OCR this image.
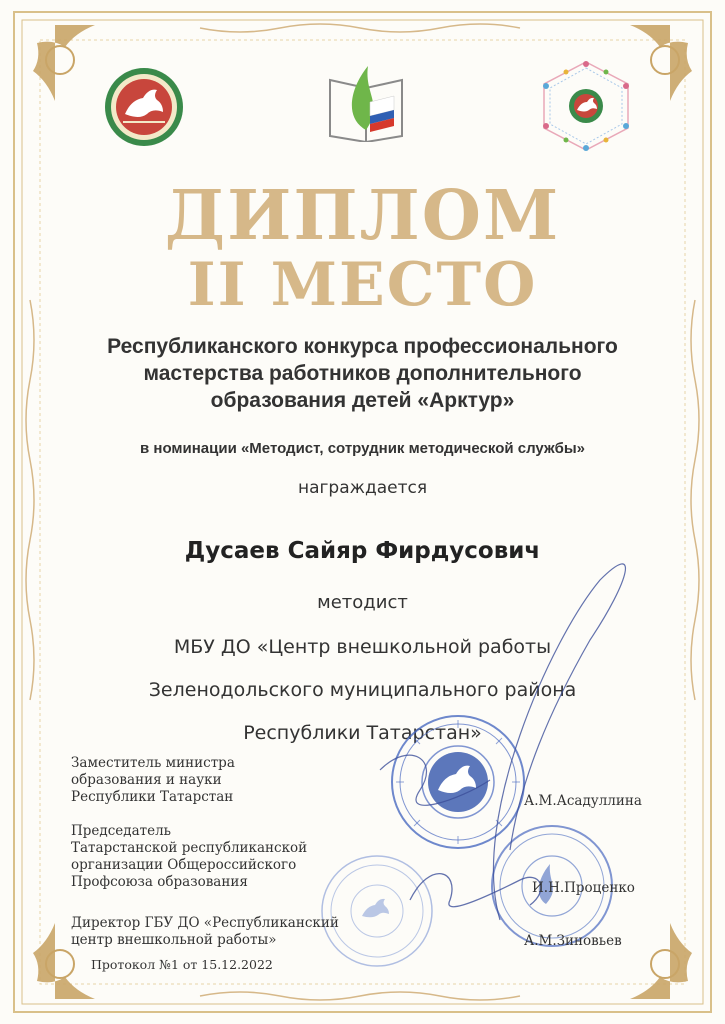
ДИПЛОМ
II МЕСТО
Республиканского конкурса профессионального
мастерства работников дополнительного
образования детей «Арктур»
в номинации «Методист, сотрудник методической службы»
награждается
Дусаев Сайяр Фирдусович
методист
МБУ ДО «Центр внешкольной работы
Зеленодольского муниципального района
Республики Татарстан»
Заместитель министра
образования и науки
Республики Татарстан	А.М.Асадуллина
Председатель
Татарстанской республиканской
организации Общероссийского
Профсоюза образования	И.Н.Проценко
Директор ГБУ ДО «Республиканский
центр внешкольной работы»	А.М.Зиновьев
Протокол №1 от 15.12.2022
